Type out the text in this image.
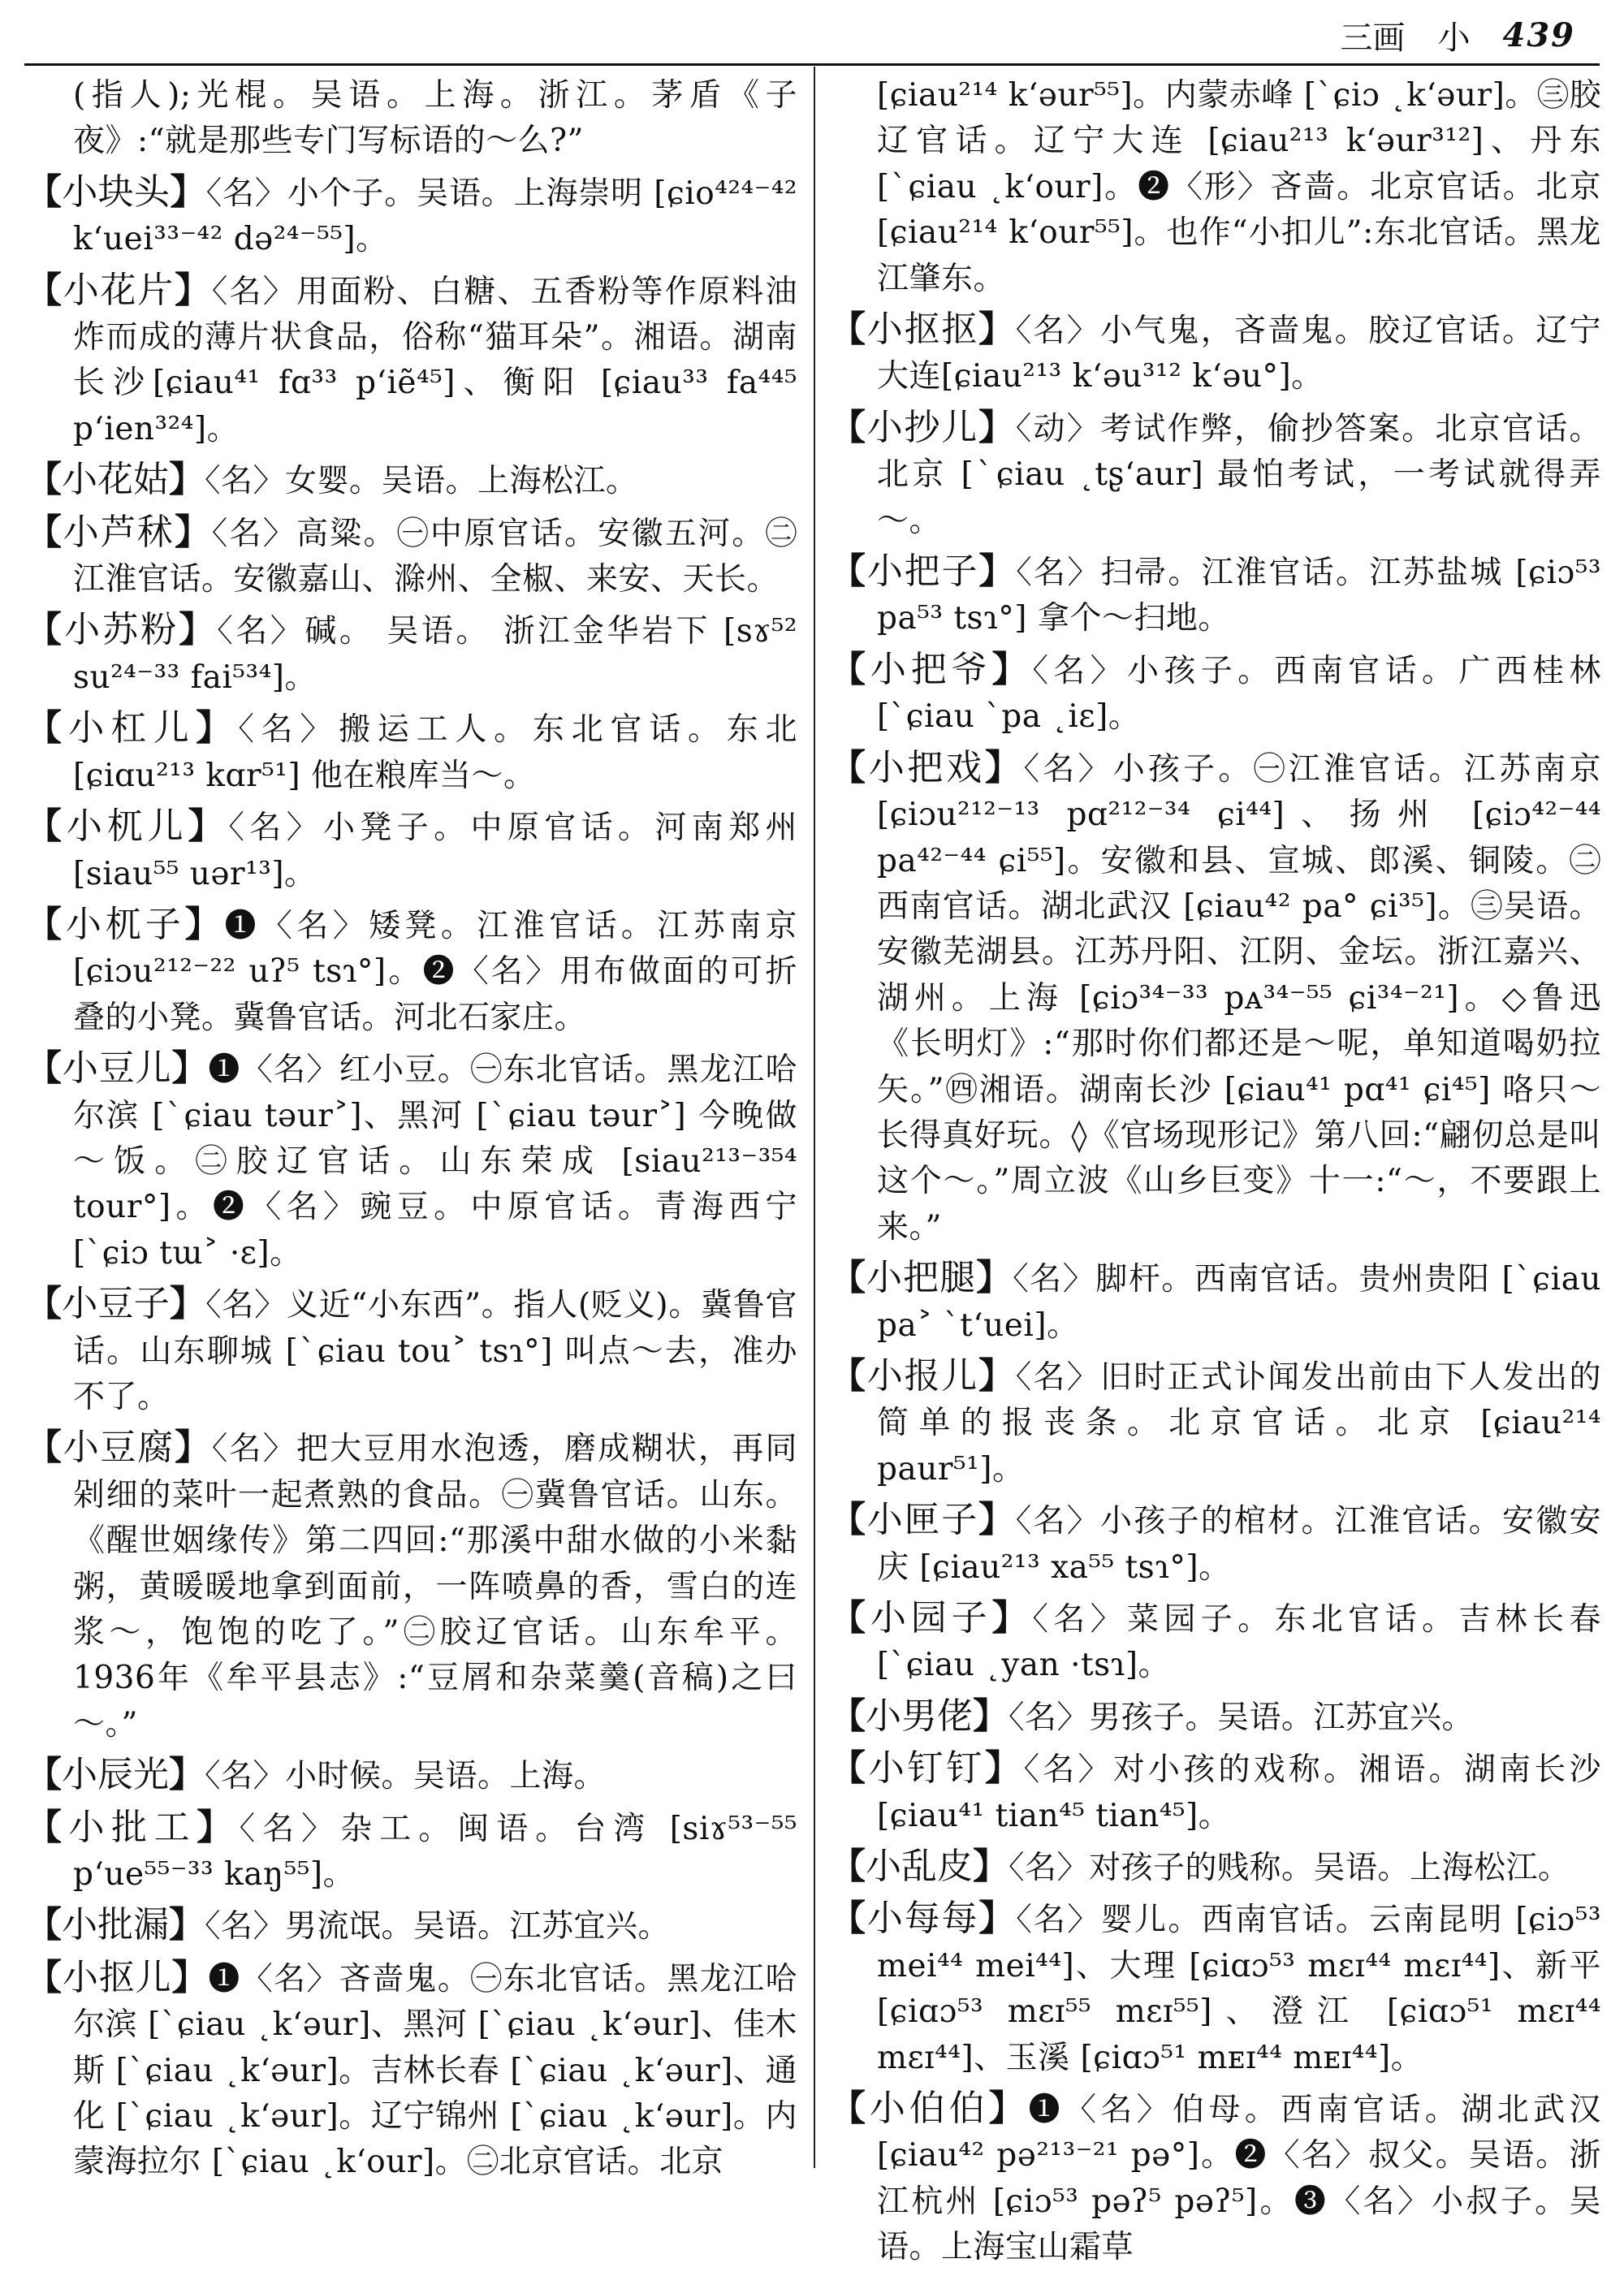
三画 小 439

(指人);光棍。吴语。上海。浙江。茅盾《子夜》:“就是那些专门写标语的～么?”

【小块头】〈名〉小个子。吴语。上海崇明 [ɕio⁴²⁴⁻⁴² k‘uei³³⁻⁴² də²⁴⁻⁵⁵]。

【小花片】〈名〉用面粉、白糖、五香粉等作原料油炸而成的薄片状食品，俗称“猫耳朵”。湘语。湖南长沙[ɕiau⁴¹ fɑ³³ p‘iẽ⁴⁵]、衡阳 [ɕiau³³ fa⁴⁴⁵ p‘ien³²⁴]。

【小花姑】〈名〉女婴。吴语。上海松江。

【小芦秫】〈名〉高粱。㊀中原官话。安徽五河。㊁江淮官话。安徽嘉山、滁州、全椒、来安、天长。

【小苏粉】〈名〉碱。 吴语。 浙江金华岩下 [sɤ⁵² su²⁴⁻³³ fai⁵³⁴]。

【小杠儿】〈名〉搬运工人。东北官话。东北 [ɕiɑu²¹³ kɑr⁵¹] 他在粮库当～。

【小杌儿】〈名〉小凳子。中原官话。河南郑州 [siau⁵⁵ uər¹³]。

【小杌子】❶〈名〉矮凳。江淮官话。江苏南京 [ɕiɔu²¹²⁻²² uʔ⁵ tsɿ°]。❷〈名〉用布做面的可折叠的小凳。冀鲁官话。河北石家庄。

【小豆儿】❶〈名〉红小豆。㊀东北官话。黑龙江哈尔滨 [ˋɕiau təur˃]、黑河 [ˋɕiau təur˃] 今晚做～饭。㊁胶辽官话。山东荣成 [siau²¹³⁻³⁵⁴ tour°]。❷〈名〉豌豆。中原官话。青海西宁 [ˋɕiɔ tɯ˃ ·ɛ]。

【小豆子】〈名〉义近“小东西”。指人(贬义)。冀鲁官话。山东聊城 [ˋɕiau tou˃ tsɿ°] 叫点～去，准办不了。

【小豆腐】〈名〉把大豆用水泡透，磨成糊状，再同剁细的菜叶一起煮熟的食品。㊀冀鲁官话。山东。《醒世姻缘传》第二四回:“那溪中甜水做的小米黏粥，黄暖暖地拿到面前，一阵喷鼻的香，雪白的连浆～，饱饱的吃了。”㊁胶辽官话。山东牟平。1936年《牟平县志》:“豆屑和杂菜羹(音稿)之曰～。”

【小辰光】〈名〉小时候。吴语。上海。

【小批工】〈名〉杂工。闽语。台湾 [siɤ⁵³⁻⁵⁵ p‘ue⁵⁵⁻³³ kaŋ⁵⁵]。

【小批漏】〈名〉男流氓。吴语。江苏宜兴。

【小抠儿】❶〈名〉吝啬鬼。㊀东北官话。黑龙江哈尔滨 [ˋɕiau ˛k‘əur]、黑河 [ˋɕiau ˛k‘əur]、佳木斯 [ˋɕiau ˛k‘əur]。吉林长春 [ˋɕiau ˛k‘əur]、通化 [ˋɕiau ˛k‘əur]。辽宁锦州 [ˋɕiau ˛k‘əur]。内蒙海拉尔 [ˋɕiau ˛k‘our]。㊁北京官话。北京

[ɕiau²¹⁴ k‘əur⁵⁵]。内蒙赤峰 [ˋɕiɔ ˛k‘əur]。㊂胶辽官话。辽宁大连 [ɕiau²¹³ k‘əur³¹²]、丹东 [ˋɕiau ˛k‘our]。❷〈形〉吝啬。北京官话。北京 [ɕiau²¹⁴ k‘our⁵⁵]。也作“小扣儿”:东北官话。黑龙江肇东。

【小抠抠】〈名〉小气鬼，吝啬鬼。胶辽官话。辽宁大连[ɕiau²¹³ k‘əu³¹² k‘əu°]。

【小抄儿】〈动〉考试作弊，偷抄答案。北京官话。北京 [ˋɕiau ˛tʂ‘aur] 最怕考试，一考试就得弄～。

【小把子】〈名〉扫帚。江淮官话。江苏盐城 [ɕiɔ⁵³ pa⁵³ tsɿ°] 拿个～扫地。

【小把爷】〈名〉小孩子。西南官话。广西桂林 [ˋɕiau ˋpa ˛iɛ]。

【小把戏】〈名〉小孩子。㊀江淮官话。江苏南京 [ɕiɔu²¹²⁻¹³ pɑ²¹²⁻³⁴ ɕi⁴⁴]、扬州 [ɕiɔ⁴²⁻⁴⁴ pa⁴²⁻⁴⁴ ɕi⁵⁵]。安徽和县、宣城、郎溪、铜陵。㊁西南官话。湖北武汉 [ɕiau⁴² pa° ɕi³⁵]。㊂吴语。安徽芜湖县。江苏丹阳、江阴、金坛。浙江嘉兴、湖州。上海 [ɕiɔ³⁴⁻³³ pᴀ³⁴⁻⁵⁵ ɕi³⁴⁻²¹]。◇鲁迅《长明灯》:“那时你们都还是～呢，单知道喝奶拉矢。”㊃湘语。湖南长沙 [ɕiau⁴¹ pɑ⁴¹ ɕi⁴⁵] 咯只～长得真好玩。◊《官场现形记》第八回:“翩仞总是叫这个～。”周立波《山乡巨变》十一:“～，不要跟上来。”

【小把腿】〈名〉脚杆。西南官话。贵州贵阳 [ˋɕiau pa˃ ˋt‘uei]。

【小报儿】〈名〉旧时正式讣闻发出前由下人发出的简单的报丧条。北京官话。北京 [ɕiau²¹⁴ paur⁵¹]。

【小匣子】〈名〉小孩子的棺材。江淮官话。安徽安庆 [ɕiau²¹³ xa⁵⁵ tsɿ°]。

【小园子】〈名〉菜园子。东北官话。吉林长春 [ˋɕiau ˛yan ·tsɿ]。

【小男佬】〈名〉男孩子。吴语。江苏宜兴。

【小钉钉】〈名〉对小孩的戏称。湘语。湖南长沙 [ɕiau⁴¹ tian⁴⁵ tian⁴⁵]。

【小乱皮】〈名〉对孩子的贱称。吴语。上海松江。

【小每每】〈名〉婴儿。西南官话。云南昆明 [ɕiɔ⁵³ mei⁴⁴ mei⁴⁴]、大理 [ɕiɑɔ⁵³ mɛɪ⁴⁴ mɛɪ⁴⁴]、新平 [ɕiɑɔ⁵³ mɛɪ⁵⁵ mɛɪ⁵⁵]、澄江 [ɕiɑɔ⁵¹ mɛɪ⁴⁴ mɛɪ⁴⁴]、玉溪 [ɕiɑɔ⁵¹ mᴇɪ⁴⁴ mᴇɪ⁴⁴]。

【小伯伯】❶〈名〉伯母。西南官话。湖北武汉 [ɕiau⁴² pə²¹³⁻²¹ pə°]。❷〈名〉叔父。吴语。浙江杭州 [ɕiɔ⁵³ pəʔ⁵ pəʔ⁵]。❸〈名〉小叔子。吴语。上海宝山霜草
